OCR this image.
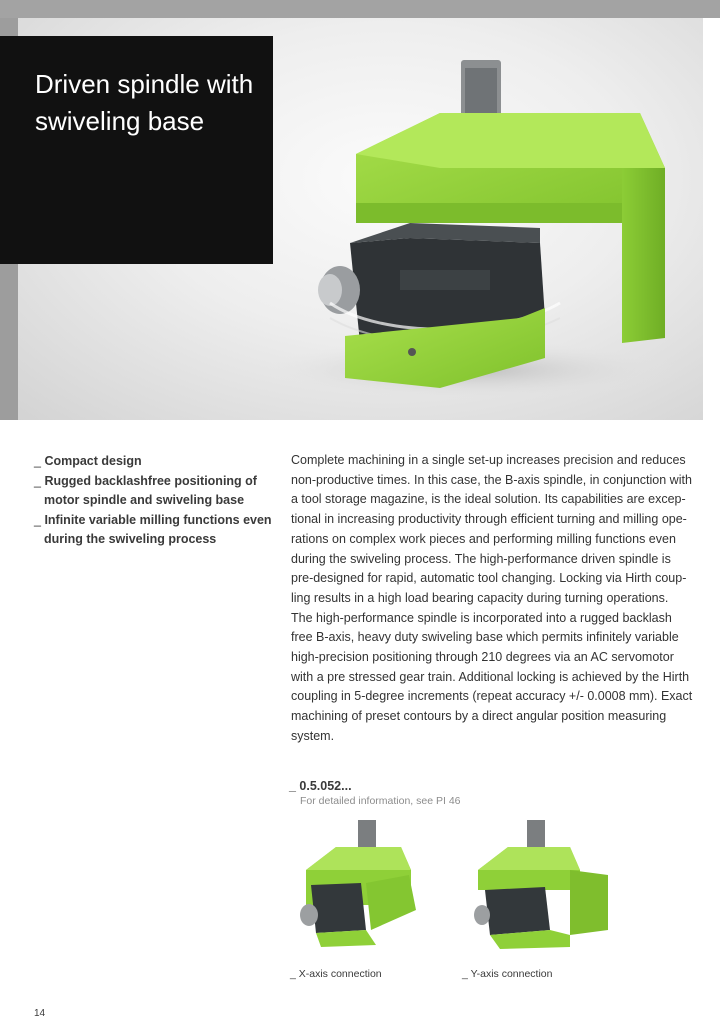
Driven spindle with swiveling base
_ Compact design
_ Rugged backlashfree positioning of motor spindle and swiveling base
_ Infinite variable milling functions even during the swiveling process

Complete machining in a single set-up increases precision and reduces non-productive times. In this case, the B-axis spindle, in conjunction with a tool storage magazine, is the ideal solution. Its capabilities are excep-tional in increasing productivity through efficient turning and milling ope-rations on complex work pieces and performing milling functions even during the swiveling process. The high-performance driven spindle is pre-designed for rapid, automatic tool changing. Locking via Hirth coup-ling results in a high load bearing capacity during turning operations. The high-performance spindle is incorporated into a rugged backlash free B-axis, heavy duty swiveling base which permits infinitely variable high-precision positioning through 210 degrees via an AC servomotor with a pre stressed gear train. Additional locking is achieved by the Hirth coupling in 5-degree increments (repeat accuracy +/- 0.0008 mm). Exact machining of preset contours by a direct angular position measuring system.

_ 0.5.052...
For detailed information, see PI 46
_ X-axis connection	_ Y-axis connection
14
